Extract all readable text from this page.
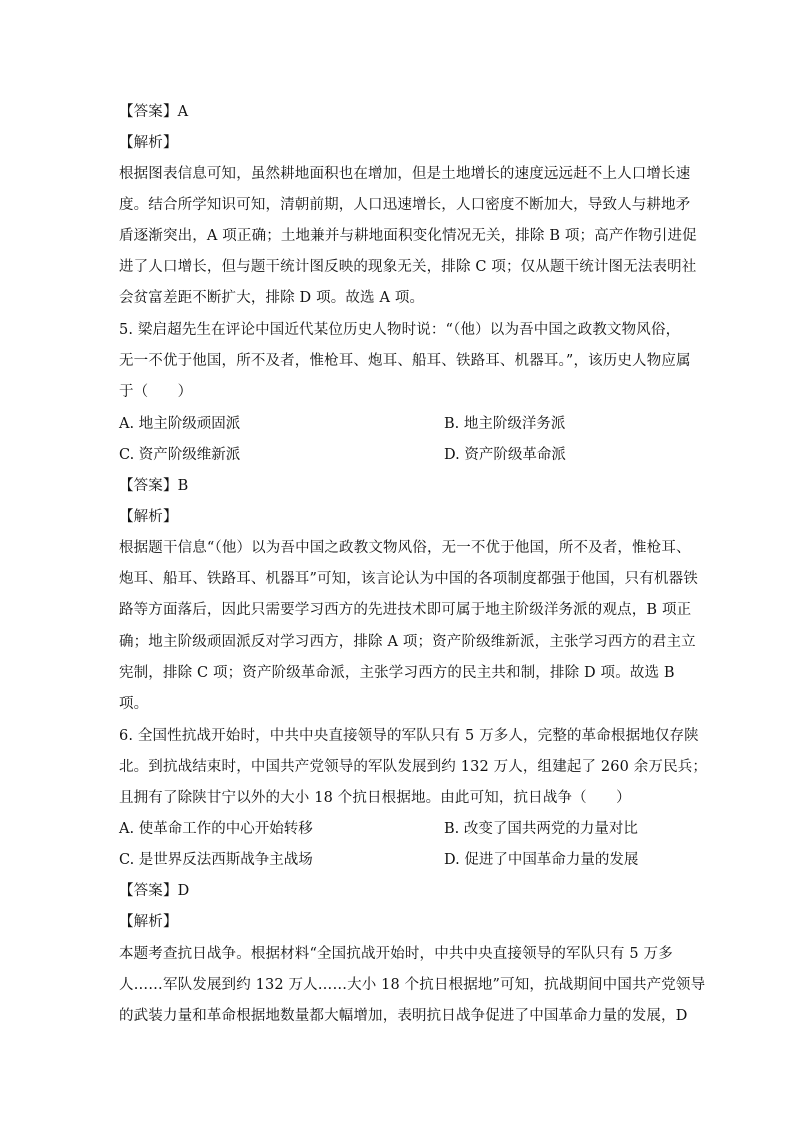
【答案】A
【解析】
根据图表信息可知，虽然耕地面积也在增加，但是土地增长的速度远远赶不上人口增长速
度。结合所学知识可知，清朝前期，人口迅速增长，人口密度不断加大，导致人与耕地矛
盾逐渐突出，A 项正确；土地兼并与耕地面积变化情况无关，排除 B 项；高产作物引进促
进了人口增长，但与题干统计图反映的现象无关，排除 C 项；仅从题干统计图无法表明社
会贫富差距不断扩大，排除 D 项。故选 A 项。
5. 梁启超先生在评论中国近代某位历史人物时说：“（他）以为吾中国之政教文物风俗，
无一不优于他国，所不及者，惟枪耳、炮耳、船耳、铁路耳、机器耳。”，该历史人物应属
于（　　）
A. 地主阶级顽固派	B. 地主阶级洋务派
C. 资产阶级维新派	D. 资产阶级革命派
【答案】B
【解析】
根据题干信息“（他）以为吾中国之政教文物风俗，无一不优于他国，所不及者，惟枪耳、
炮耳、船耳、铁路耳、机器耳”可知，该言论认为中国的各项制度都强于他国，只有机器铁
路等方面落后，因此只需要学习西方的先进技术即可属于地主阶级洋务派的观点，B 项正
确；地主阶级顽固派反对学习西方，排除 A 项；资产阶级维新派，主张学习西方的君主立
宪制，排除 C 项；资产阶级革命派，主张学习西方的民主共和制，排除 D 项。故选 B
项。
6. 全国性抗战开始时，中共中央直接领导的军队只有 5 万多人，完整的革命根据地仅存陕
北。到抗战结束时，中国共产党领导的军队发展到约 132 万人，组建起了 260 余万民兵；
且拥有了除陕甘宁以外的大小 18 个抗日根据地。由此可知，抗日战争（　　）
A. 使革命工作的中心开始转移	B. 改变了国共两党的力量对比
C. 是世界反法西斯战争主战场	D. 促进了中国革命力量的发展
【答案】D
【解析】
本题考查抗日战争。根据材料“全国抗战开始时，中共中央直接领导的军队只有 5 万多
人……军队发展到约 132 万人……大小 18 个抗日根据地”可知，抗战期间中国共产党领导
的武装力量和革命根据地数量都大幅增加，表明抗日战争促进了中国革命力量的发展，D
